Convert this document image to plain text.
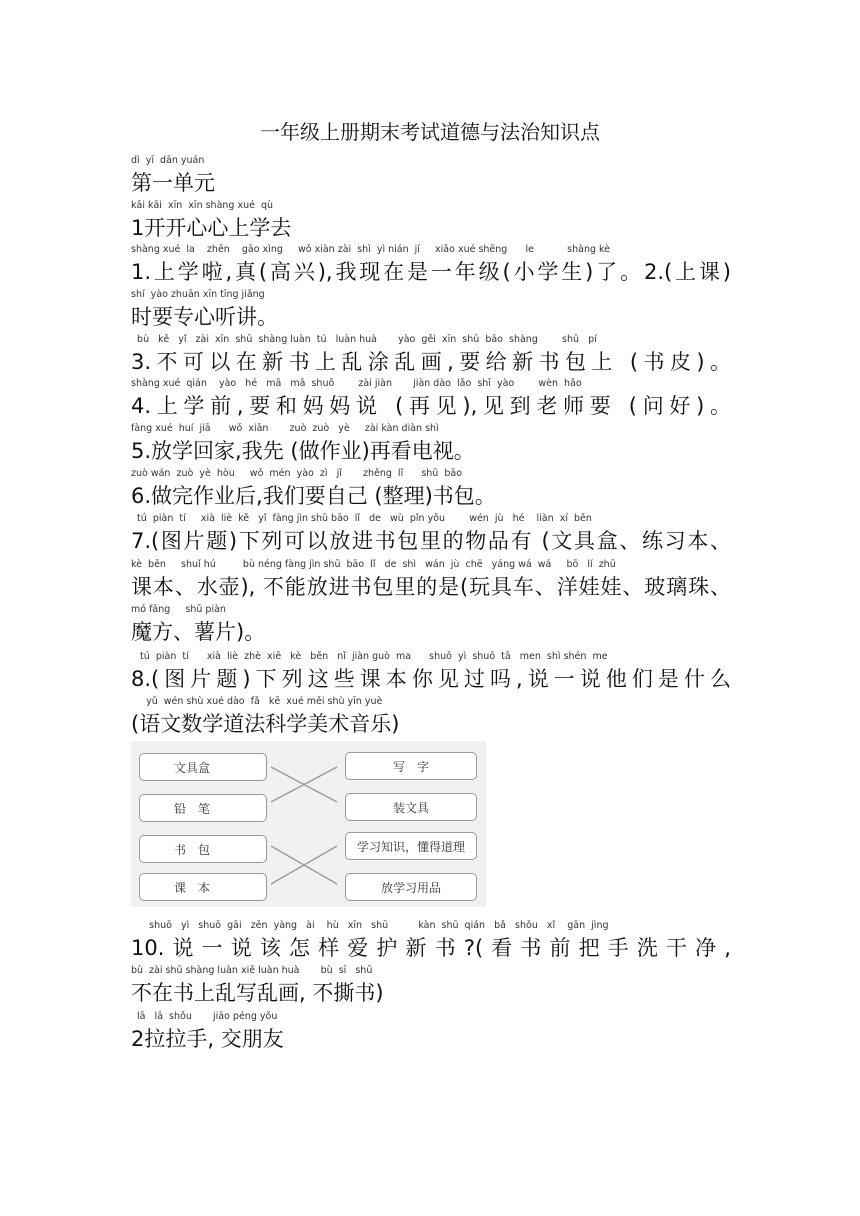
一年级上册期末考试道德与法治知识点
dì  yī  dān yuán
第一单元
kāi kāi  xīn  xīn shàng xué  qù
1开开心心上学去
shàng xué  la    zhēn    gāo xìng     wǒ xiàn zài  shì  yì nián  jí     xiǎo xué shēng      le           shàng kè
1.上学啦,真(高兴),我现在是一年级(小学生)了。2.(上课)
shí  yào zhuān xīn tīng jiǎng
时要专心听讲。
bù   kě   yǐ   zài  xīn  shū  shàng luàn  tú   luàn huà       yào  gěi  xīn  shū  bāo  shàng        shū   pí
3.不可以在新书上乱涂乱画,要给新书包上 (书皮)。
shàng xué  qián    yào   hé   mā   mā  shuō        zài jiàn       jiàn dào  lǎo  shī  yào        wèn  hǎo
4.上学前,要和妈妈说 (再见),见到老师要 (问好)。
fàng xué  huí  jiā      wǒ  xiān       zuò  zuò   yè     zài kàn diàn shì
5.放学回家,我先 (做作业)再看电视。
zuò wán  zuò  yè  hòu     wǒ  mén  yào  zì   jǐ       zhěng  lǐ      shū  bāo
6.做完作业后,我们要自己 (整理)书包。
tú  piàn  tí     xià  liè  kě   yǐ  fàng jìn shū bāo  lǐ   de   wù  pǐn yǒu        wén  jù   hé    liàn  xí  běn
7.(图片题)下列可以放进书包里的物品有 (文具盒、练习本、
kè  běn     shuǐ hú         bù néng fàng jìn shū  bāo  lǐ   de  shì   wán  jù  chē   yáng wá  wá     bō   lí  zhū
课本、水壶), 不能放进书包里的是(玩具车、洋娃娃、玻璃珠、
mó fāng     shǔ piàn
魔方、薯片)。
tú  piàn  tí      xià  liè  zhè  xiē   kè   běn   nǐ  jiàn guò  ma      shuō  yì  shuō  tā   men  shì shén  me
8.(图片题)下列这些课本你见过吗,说一说他们是什么
yǔ  wén shù xué dào  fǎ   kē  xué měi shù yīn yuè
(语文数学道法科学美术音乐)
文具盒
铅　笔
书　包
课　本
写　字
装文具
学习知识，懂得道理
放学习用品
shuō   yì   shuō  gāi   zěn  yàng   ài    hù   xīn   shū          kàn  shū  qián   bǎ   shǒu   xǐ    gān  jìng
10.说一说该怎样爱护新书?(看书前把手洗干净,
bù  zài shū shàng luàn xiě luàn huà       bù  sī   shū
不在书上乱写乱画, 不撕书)
lā   lā  shǒu       jiāo péng yǒu
2拉拉手, 交朋友
